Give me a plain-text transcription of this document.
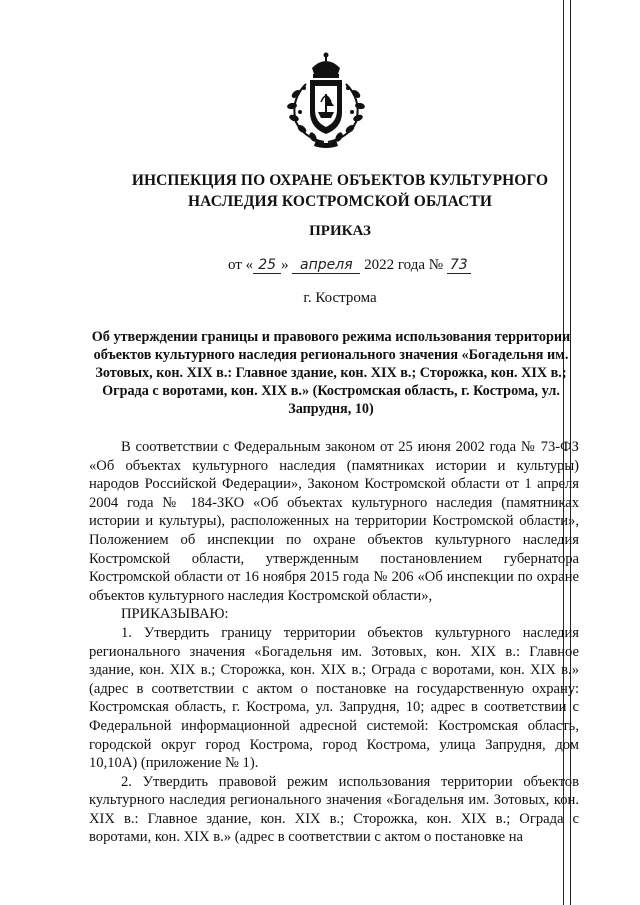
ИНСПЕКЦИЯ ПО ОХРАНЕ ОБЪЕКТОВ КУЛЬТУРНОГО
НАСЛЕДИЯ КОСТРОМСКОЙ ОБЛАСТИ
ПРИКАЗ
от « 25 » апреля 2022 года № 73
г. Кострома
Об утверждении границы и правового режима использования территории объектов культурного наследия регионального значения «Богадельня им. Зотовых, кон. XIX в.: Главное здание, кон. XIX в.; Сторожка, кон. XIX в.; Ограда с воротами, кон. XIX в.» (Костромская область, г. Кострома, ул. Запрудня, 10)

В соответствии с Федеральным законом от 25 июня 2002 года № 73-ФЗ «Об объектах культурного наследия (памятниках истории и культуры) народов Российской Федерации», Законом Костромской области от 1 апреля 2004 года № 184-ЗКО «Об объектах культурного наследия (памятниках истории и культуры), расположенных на территории Костромской области», Положением об инспекции по охране объектов культурного наследия Костромской области, утвержденным постановлением губернатора Костромской области от 16 ноября 2015 года № 206 «Об инспекции по охране объектов культурного наследия Костромской области»,

ПРИКАЗЫВАЮ:

1. Утвердить границу территории объектов культурного наследия регионального значения «Богадельня им. Зотовых, кон. XIX в.: Главное здание, кон. XIX в.; Сторожка, кон. XIX в.; Ограда с воротами, кон. XIX в.» (адрес в соответствии с актом о постановке на государственную охрану: Костромская область, г. Кострома, ул. Запрудня, 10; адрес в соответствии с Федеральной информационной адресной системой: Костромская область, городской округ город Кострома, город Кострома, улица Запрудня, дом 10,10А) (приложение № 1).

2. Утвердить правовой режим использования территории объектов культурного наследия регионального значения «Богадельня им. Зотовых, кон. XIX в.: Главное здание, кон. XIX в.; Сторожка, кон. XIX в.; Ограда с воротами, кон. XIX в.» (адрес в соответствии с актом о постановке на
